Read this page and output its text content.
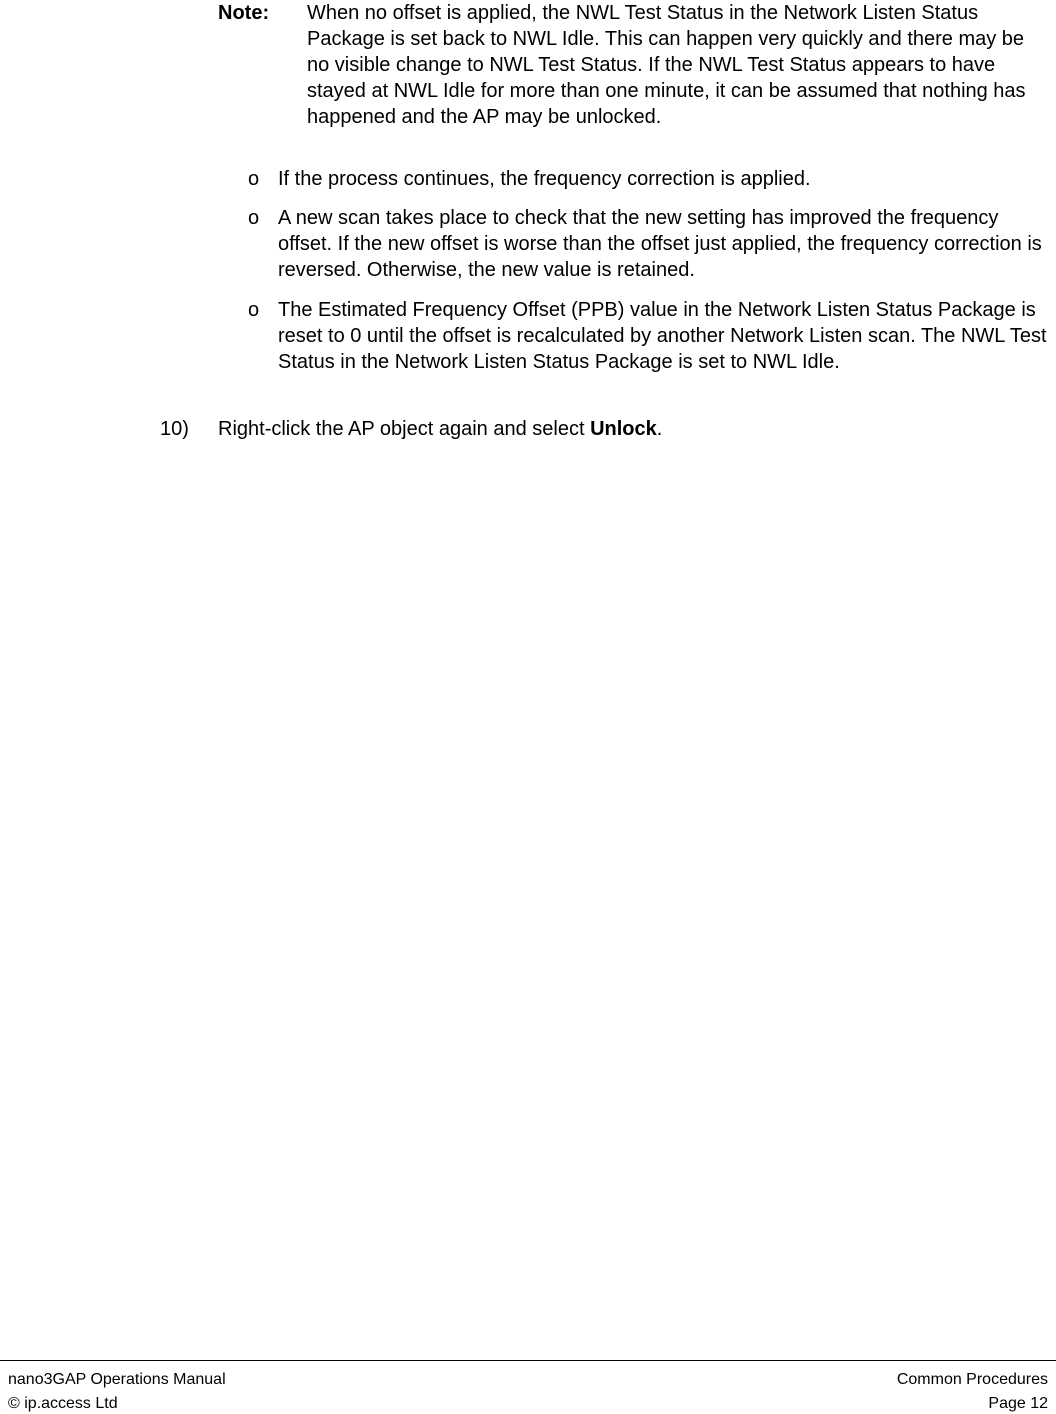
Note: When no offset is applied, the NWL Test Status in the Network Listen Status Package is set back to NWL Idle. This can happen very quickly and there may be no visible change to NWL Test Status. If the NWL Test Status appears to have stayed at NWL Idle for more than one minute, it can be assumed that nothing has happened and the AP may be unlocked.
o If the process continues, the frequency correction is applied.
o A new scan takes place to check that the new setting has improved the frequency offset. If the new offset is worse than the offset just applied, the frequency correction is reversed. Otherwise, the new value is retained.
o The Estimated Frequency Offset (PPB) value in the Network Listen Status Package is reset to 0 until the offset is recalculated by another Network Listen scan. The NWL Test Status in the Network Listen Status Package is set to NWL Idle.
10) Right-click the AP object again and select Unlock.
nano3GAP Operations Manual	Common Procedures
© ip.access Ltd	Page 12
